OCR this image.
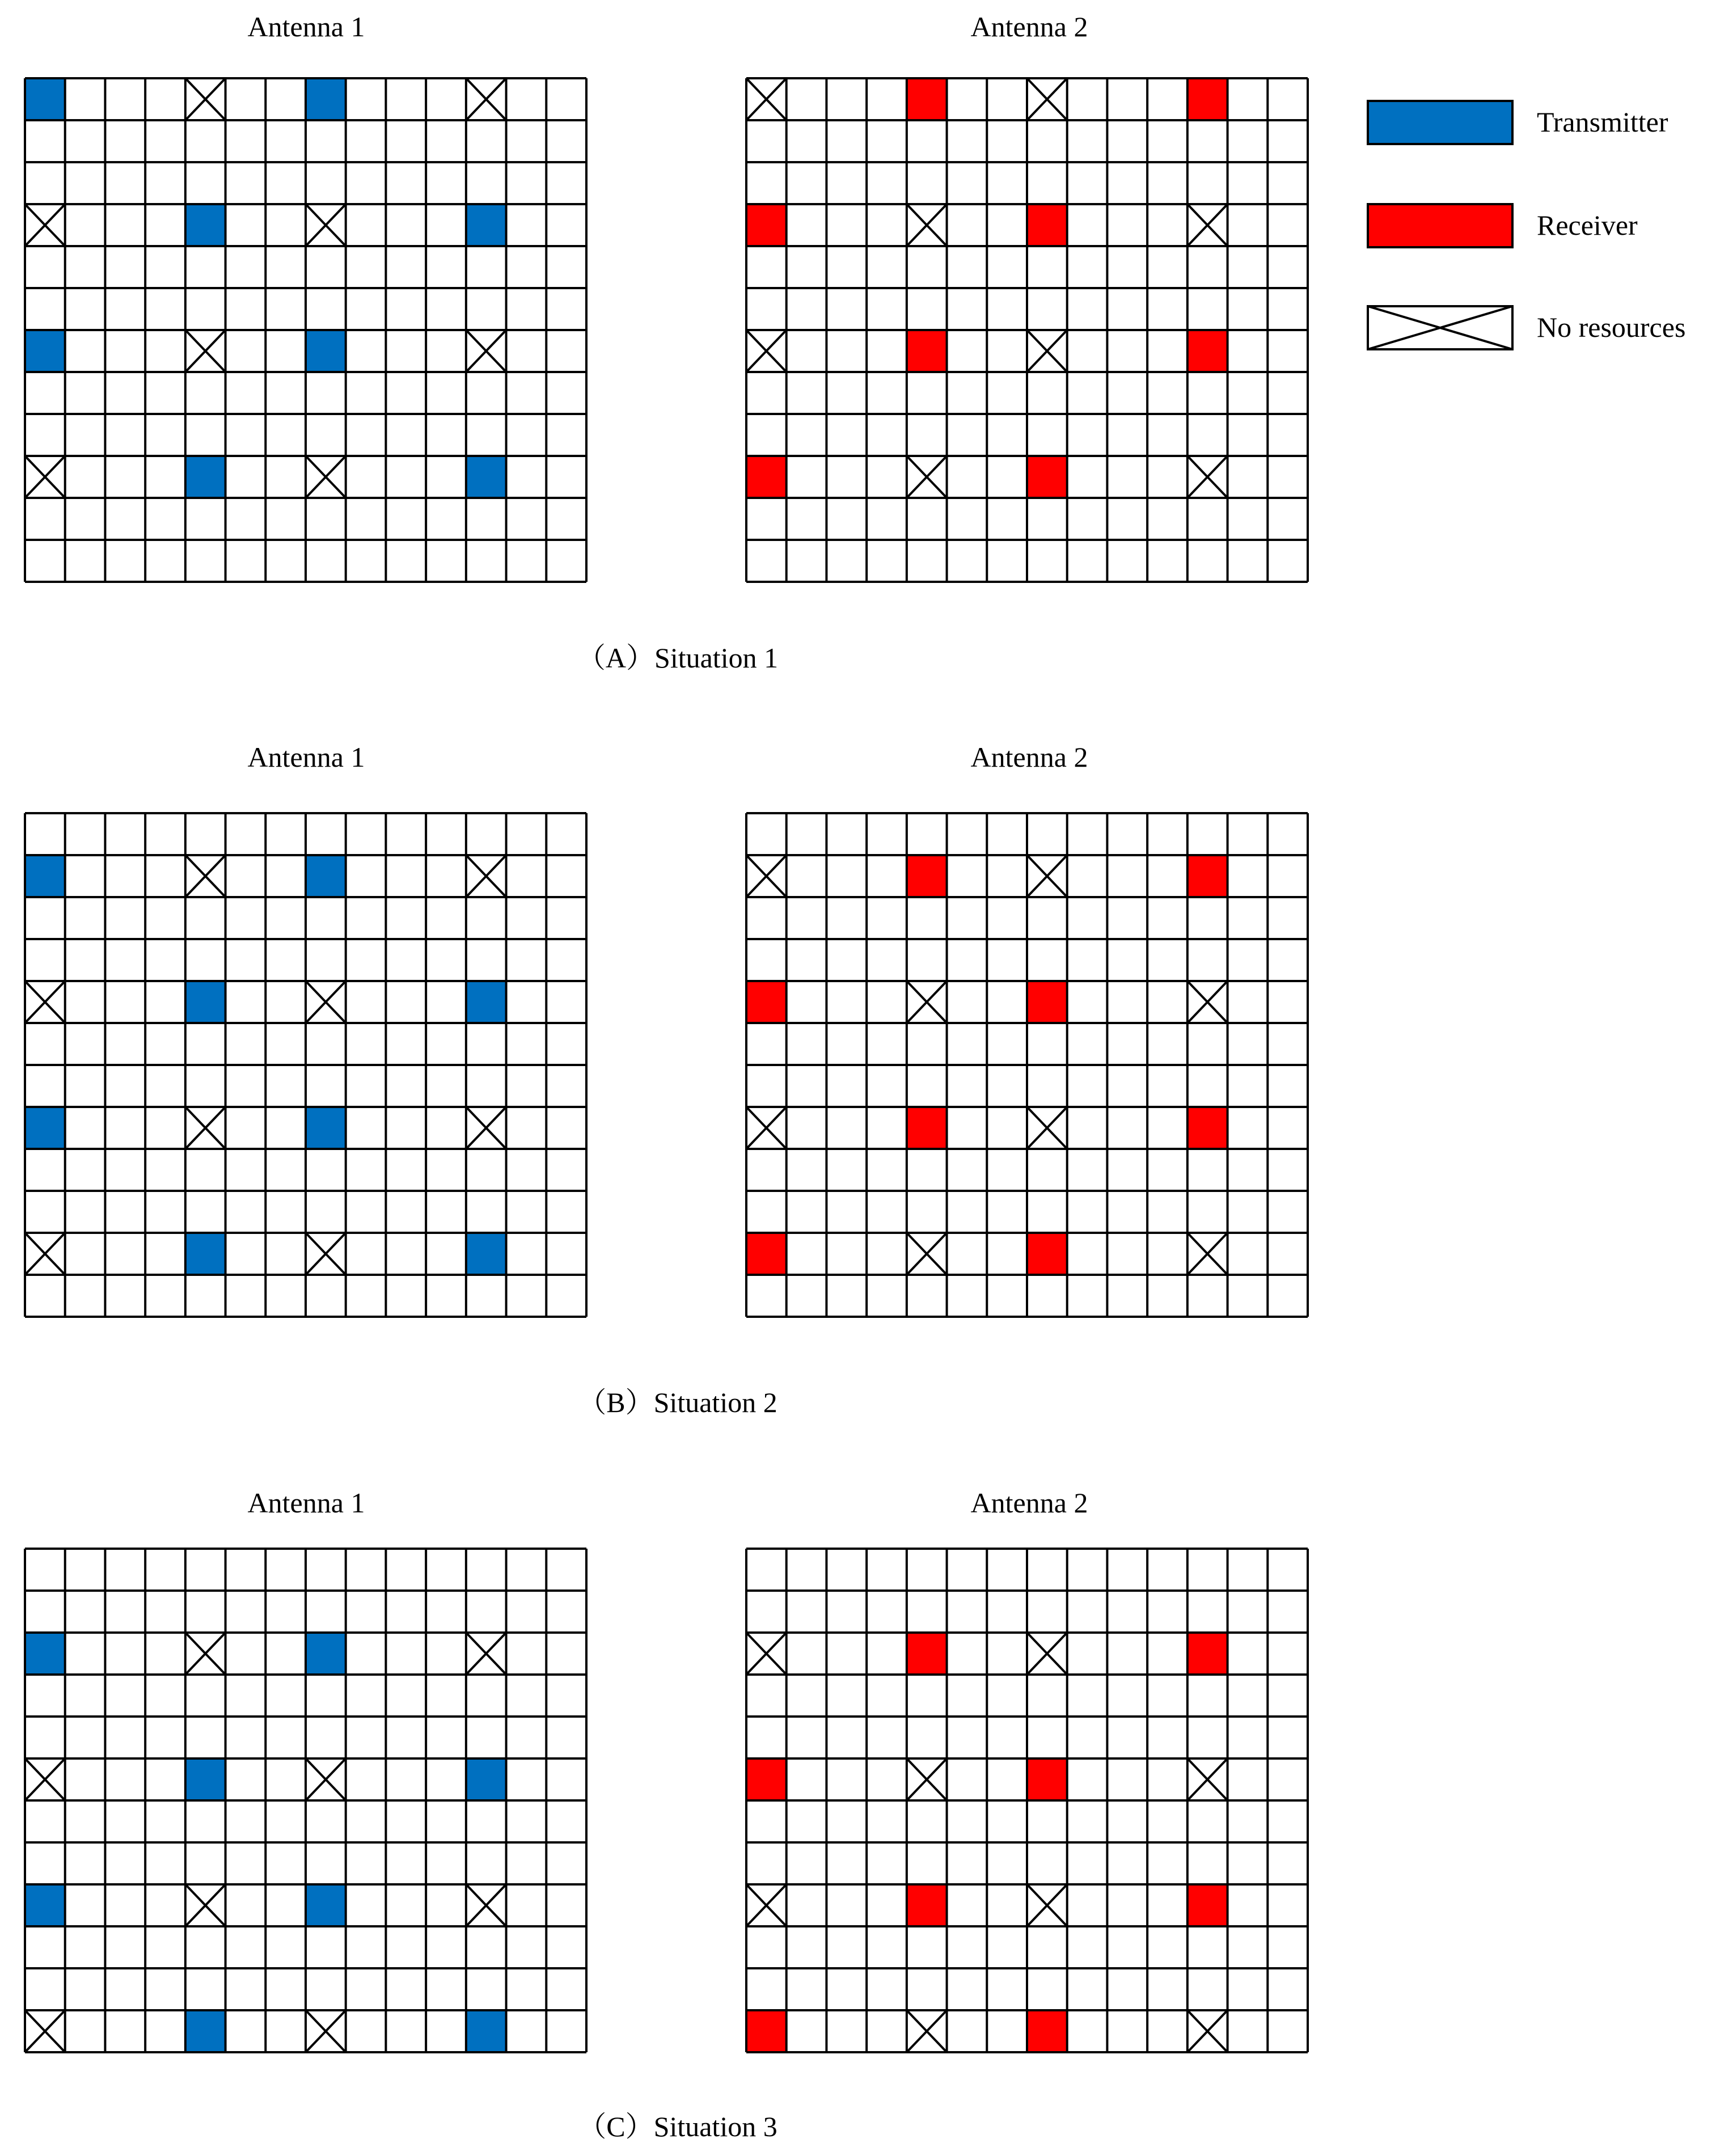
Antenna 1	Antenna 2
（A）Situation 1
Antenna 1	Antenna 2
（B）Situation 2
Antenna 1	Antenna 2
（C）Situation 3
Transmitter
Receiver
No resources
